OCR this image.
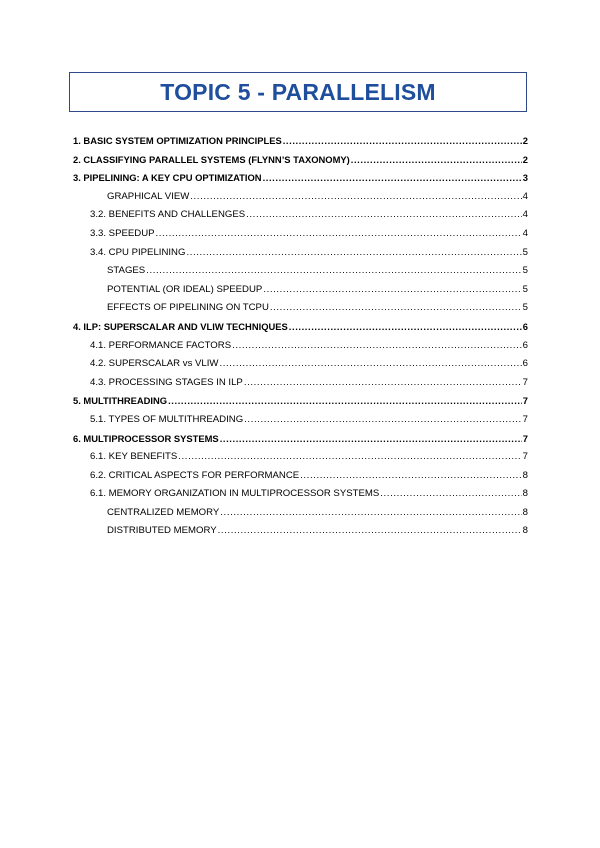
TOPIC 5 - PARALLELISM
1. BASIC SYSTEM OPTIMIZATION PRINCIPLES .....	2
2. CLASSIFYING PARALLEL SYSTEMS (FLYNN’S TAXONOMY) .....	2
3. PIPELINING: A KEY CPU OPTIMIZATION .....	3
GRAPHICAL VIEW .....	4
3.2. BENEFITS AND CHALLENGES .....	4
3.3. SPEEDUP .....	4
3.4. CPU PIPELINING .....	5
STAGES .....	5
POTENTIAL (OR IDEAL) SPEEDUP .....	5
EFFECTS OF PIPELINING ON TCPU .....	5
4. ILP: SUPERSCALAR AND VLIW TECHNIQUES .....	6
4.1. PERFORMANCE FACTORS .....	6
4.2. SUPERSCALAR vs VLIW .....	6
4.3. PROCESSING STAGES IN ILP .....	7
5. MULTITHREADING .....	7
5.1. TYPES OF MULTITHREADING .....	7
6. MULTIPROCESSOR SYSTEMS .....	7
6.1. KEY BENEFITS .....	7
6.2. CRITICAL ASPECTS FOR PERFORMANCE .....	8
6.1. MEMORY ORGANIZATION IN MULTIPROCESSOR SYSTEMS .....	8
CENTRALIZED MEMORY .....	8
DISTRIBUTED MEMORY .....	8
